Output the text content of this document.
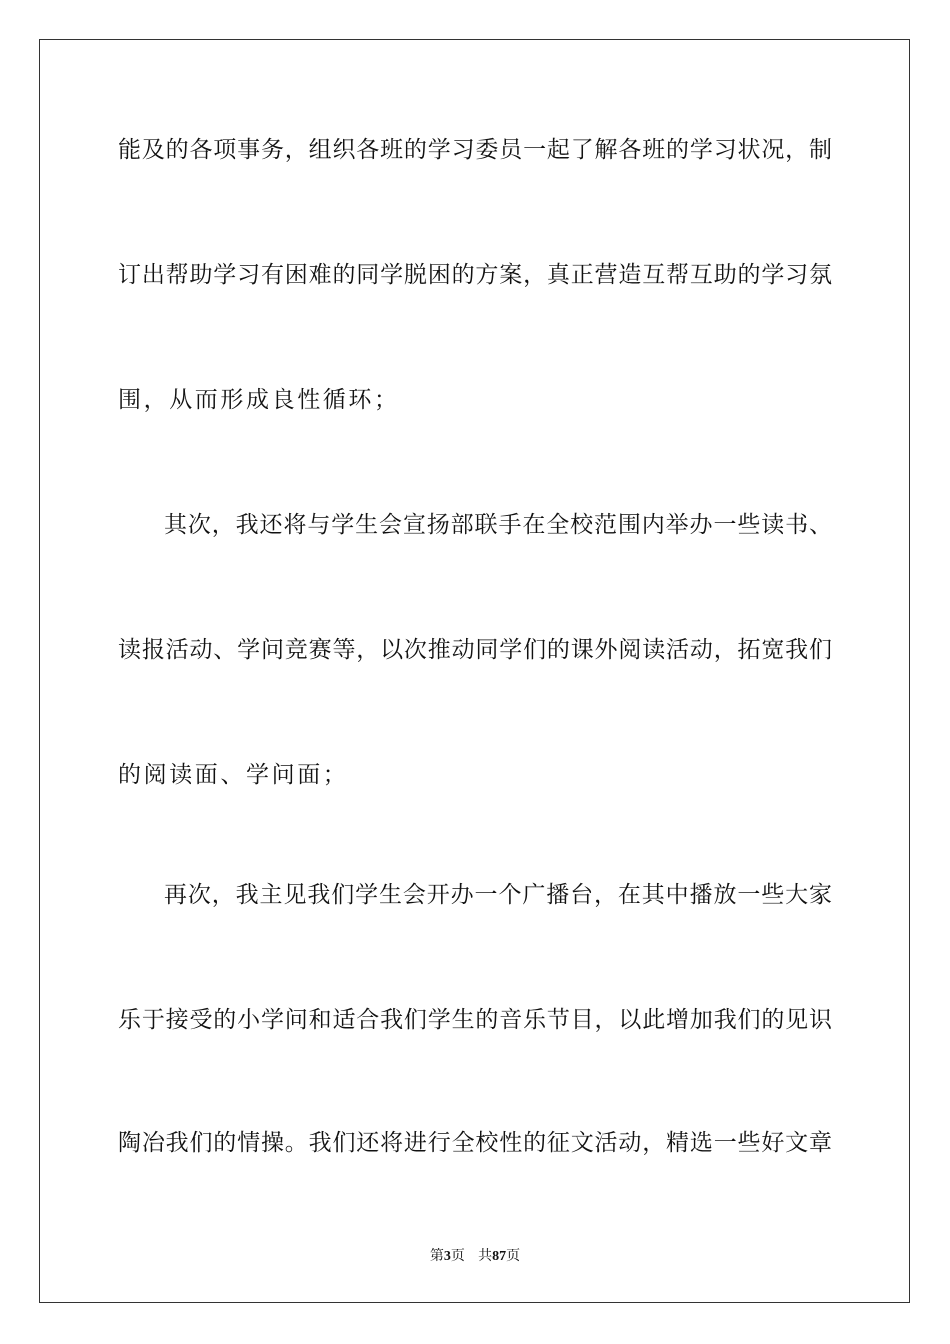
能及的各项事务，组织各班的学习委员一起了解各班的学习状况，制
订出帮助学习有困难的同学脱困的方案，真正营造互帮互助的学习氛
围，从而形成良性循环；
其次，我还将与学生会宣扬部联手在全校范围内举办一些读书、
读报活动、学问竞赛等，以次推动同学们的课外阅读活动，拓宽我们
的阅读面、学问面；
再次，我主见我们学生会开办一个广播台，在其中播放一些大家
乐于接受的小学问和适合我们学生的音乐节目，以此增加我们的见识
陶冶我们的情操。我们还将进行全校性的征文活动，精选一些好文章
第3页 共87页
